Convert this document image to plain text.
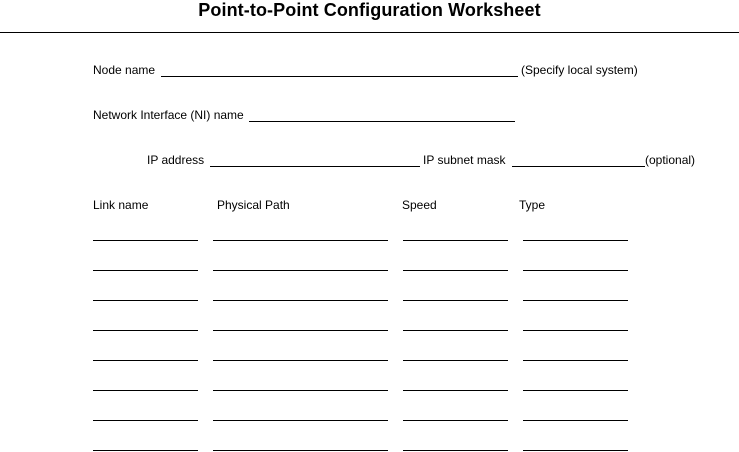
Point-to-Point Configuration Worksheet
Node name	(Specify local system)
Network Interface (NI) name
IP address	IP subnet mask	(optional)
Link name	Physical Path	Speed	Type
